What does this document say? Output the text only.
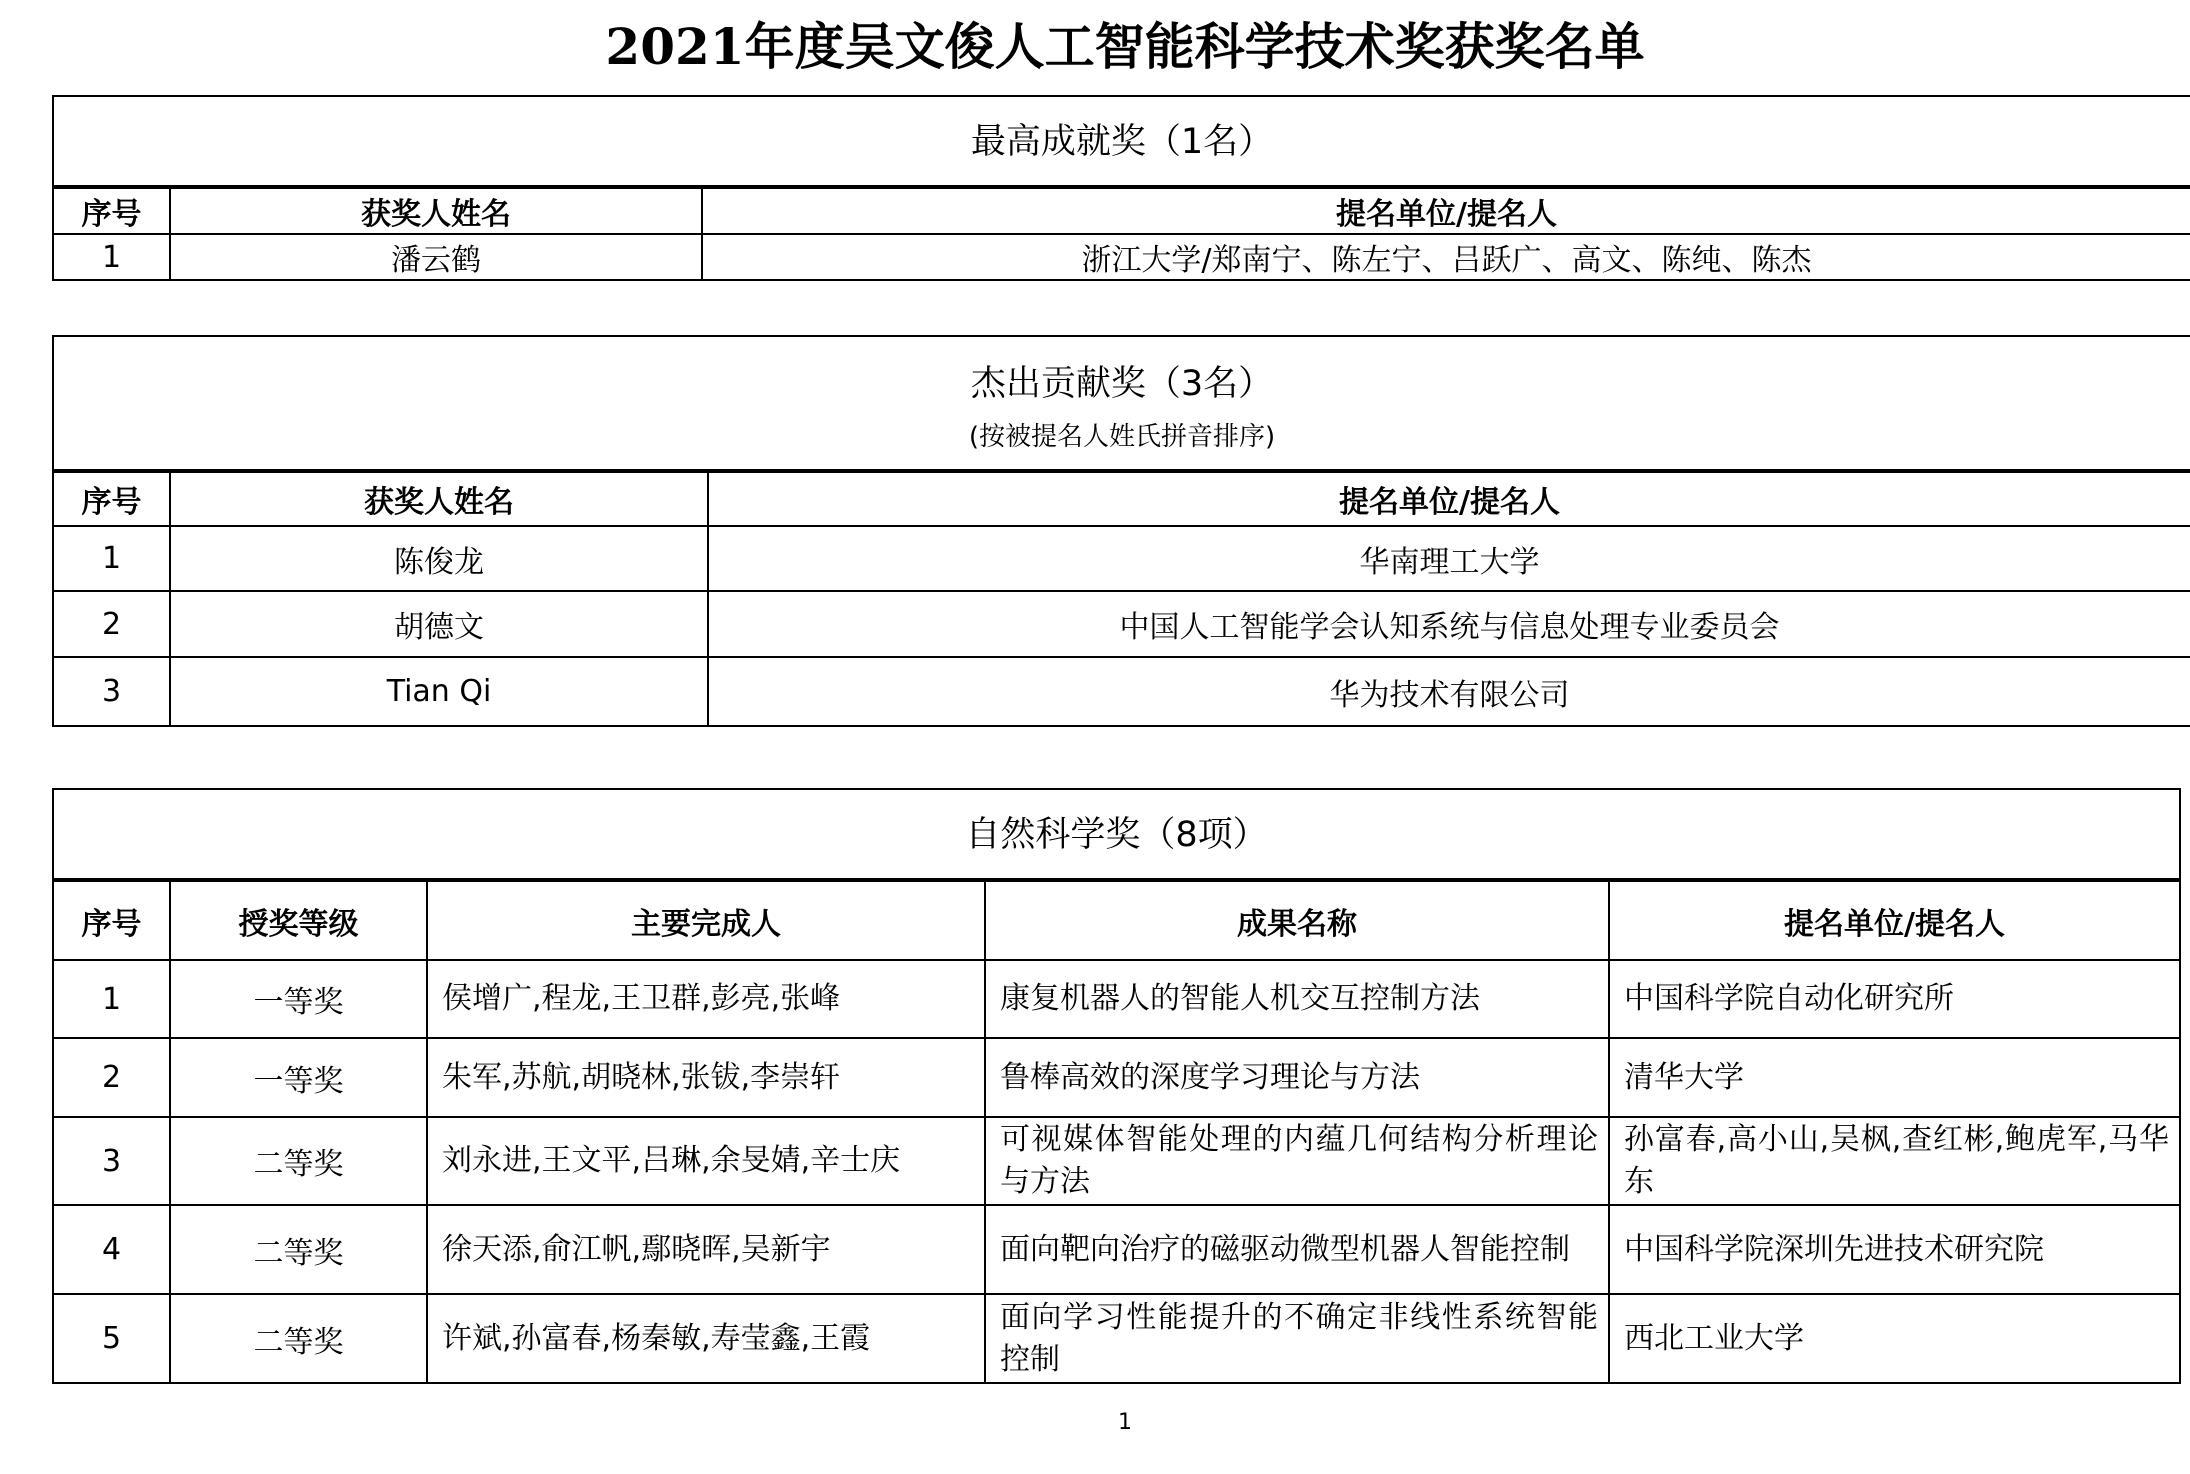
2021年度吴文俊人工智能科学技术奖获奖名单
最高成就奖（1名）
序号	获奖人姓名	提名单位/提名人
1	潘云鹤	浙江大学/郑南宁、陈左宁、吕跃广、高文、陈纯、陈杰
杰出贡献奖（3名）
(按被提名人姓氏拼音排序)
序号	获奖人姓名	提名单位/提名人
1	陈俊龙	华南理工大学
2	胡德文	中国人工智能学会认知系统与信息处理专业委员会
3	Tian Qi	华为技术有限公司
自然科学奖（8项）
序号	授奖等级	主要完成人	成果名称	提名单位/提名人
1	一等奖	侯增广,程龙,王卫群,彭亮,张峰	康复机器人的智能人机交互控制方法	中国科学院自动化研究所
2	一等奖	朱军,苏航,胡晓林,张钹,李崇轩	鲁棒高效的深度学习理论与方法	清华大学
3	二等奖	刘永进,王文平,吕琳,余旻婧,辛士庆	可视媒体智能处理的内蕴几何结构分析理论与方法	孙富春,高小山,吴枫,查红彬,鲍虎军,马华东
4	二等奖	徐天添,俞江帆,鄢晓晖,吴新宇	面向靶向治疗的磁驱动微型机器人智能控制	中国科学院深圳先进技术研究院
5	二等奖	许斌,孙富春,杨秦敏,寿莹鑫,王霞	面向学习性能提升的不确定非线性系统智能控制	西北工业大学
1
